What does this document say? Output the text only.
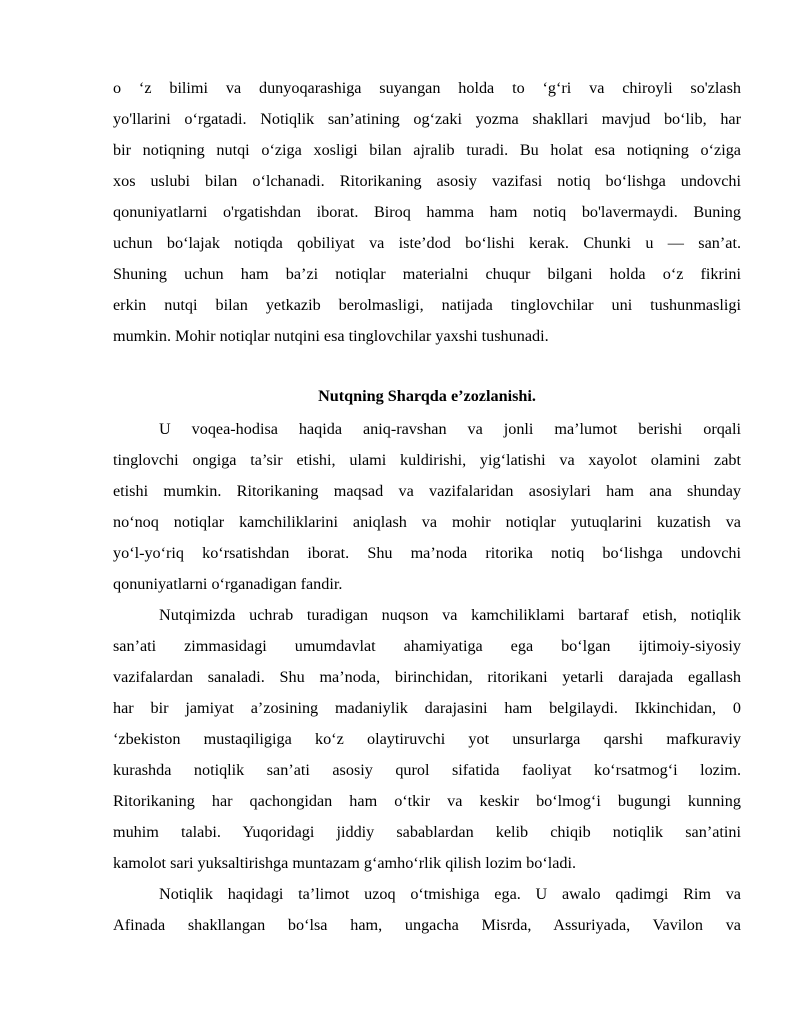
o ‘z bilimi va dunyoqarashiga suyangan holda to ‘g‘ri va chiroyli so'zlash
yo'llarini o‘rgatadi. Notiqlik san’atining og‘zaki yozma shakllari mavjud bo‘lib, har
bir notiqning nutqi o‘ziga xosligi bilan ajralib turadi. Bu holat esa notiqning o‘ziga
xos uslubi bilan o‘lchanadi. Ritorikaning asosiy vazifasi notiq bo‘lishga undovchi
qonuniyatlarni o'rgatishdan iborat. Biroq hamma ham notiq bo'lavermaydi. Buning
uchun bo‘lajak notiqda qobiliyat va iste’dod bo‘lishi kerak. Chunki u — san’at.
Shuning uchun ham ba’zi notiqlar materialni chuqur bilgani holda o‘z fikrini
erkin nutqi bilan yetkazib berolmasligi, natijada tinglovchilar uni tushunmasligi
mumkin. Mohir notiqlar nutqini esa tinglovchilar yaxshi tushunadi.
Nutqning Sharqda e’zozlanishi.
U voqea-hodisa haqida aniq-ravshan va jonli ma’lumot berishi orqali
tinglovchi ongiga ta’sir etishi, ulami kuldirishi, yig‘latishi va xayolot olamini zabt
etishi mumkin. Ritorikaning maqsad va vazifalaridan asosiylari ham ana shunday
no‘noq notiqlar kamchiliklarini aniqlash va mohir notiqlar yutuqlarini kuzatish va
yo‘l-yo‘riq ko‘rsatishdan iborat. Shu ma’noda ritorika notiq bo‘lishga undovchi
qonuniyatlarni o‘rganadigan fandir.
Nutqimizda uchrab turadigan nuqson va kamchiliklami bartaraf etish, notiqlik
san’ati zimmasidagi umumdavlat ahamiyatiga ega bo‘lgan ijtimoiy-siyosiy
vazifalardan sanaladi. Shu ma’noda, birinchidan, ritorikani yetarli darajada egallash
har bir jamiyat a’zosining madaniylik darajasini ham belgilaydi. Ikkinchidan, 0
‘zbekiston mustaqiligiga ko‘z olaytiruvchi yot unsurlarga qarshi mafkuraviy
kurashda notiqlik san’ati asosiy qurol sifatida faoliyat ko‘rsatmog‘i lozim.
Ritorikaning har qachongidan ham o‘tkir va keskir bo‘lmog‘i bugungi kunning
muhim talabi. Yuqoridagi jiddiy sabablardan kelib chiqib notiqlik san’atini
kamolot sari yuksaltirishga muntazam g‘amho‘rlik qilish lozim bo‘ladi.
Notiqlik haqidagi ta’limot uzoq o‘tmishiga ega. U awalo qadimgi Rim va
Afinada shakllangan bo‘lsa ham, ungacha Misrda, Assuriyada, Vavilon va
